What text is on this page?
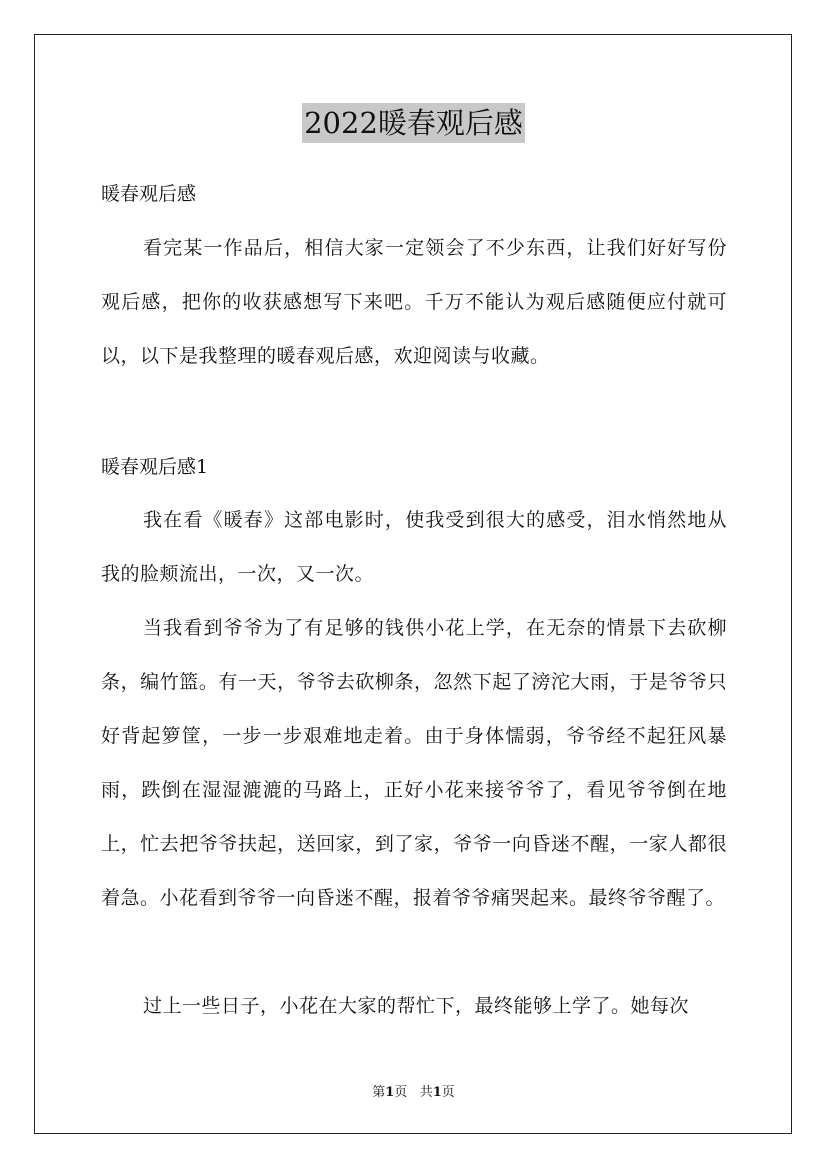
2022暖春观后感
暖春观后感

看完某一作品后，相信大家一定领会了不少东西，让我们好好写份观后感，把你的收获感想写下来吧。千万不能认为观后感随便应付就可以，以下是我整理的暖春观后感，欢迎阅读与收藏。

暖春观后感1

我在看《暖春》这部电影时，使我受到很大的感受，泪水悄然地从我的脸颊流出，一次，又一次。

当我看到爷爷为了有足够的钱供小花上学，在无奈的情景下去砍柳条，编竹篮。有一天，爷爷去砍柳条，忽然下起了滂沱大雨，于是爷爷只好背起箩筐，一步一步艰难地走着。由于身体懦弱，爷爷经不起狂风暴雨，跌倒在湿湿漉漉的马路上，正好小花来接爷爷了，看见爷爷倒在地上，忙去把爷爷扶起，送回家，到了家，爷爷一向昏迷不醒，一家人都很着急。小花看到爷爷一向昏迷不醒，报着爷爷痛哭起来。最终爷爷醒了。

过上一些日子，小花在大家的帮忙下，最终能够上学了。她每次

第1页 共1页
